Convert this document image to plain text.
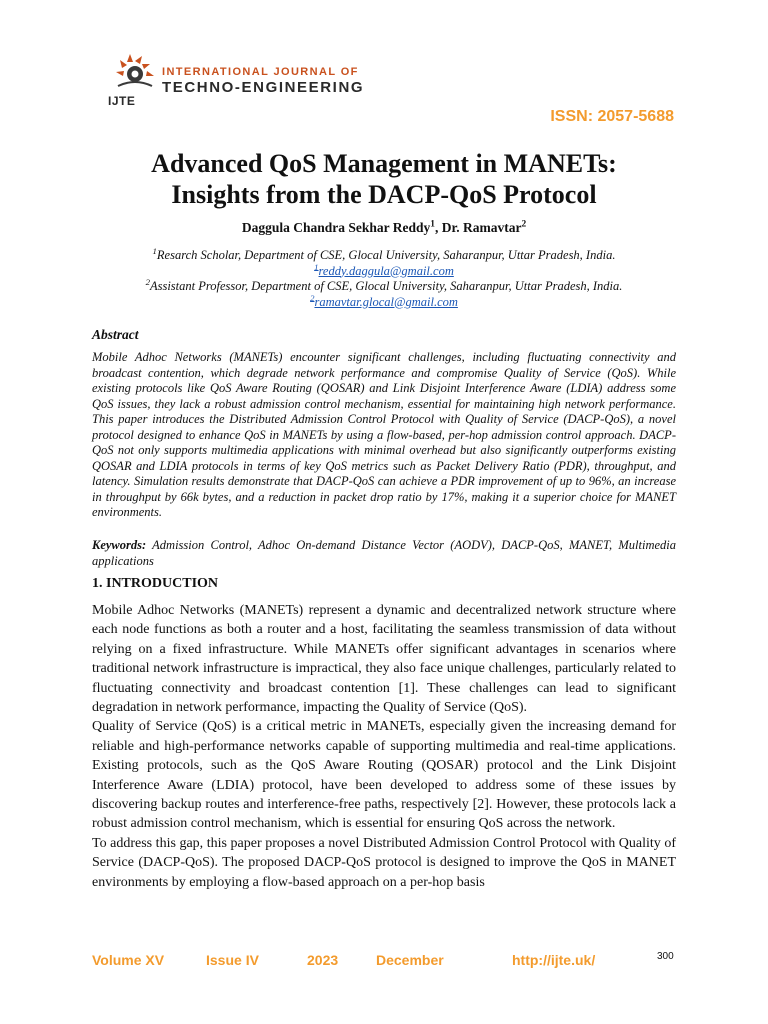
IJTE
INTERNATIONAL JOURNAL OF
TECHNO-ENGINEERING
ISSN: 2057-5688
Advanced QoS Management in MANETs:
Insights from the DACP-QoS Protocol
Daggula Chandra Sekhar Reddy$^1$, Dr. Ramavtar$^2$
$^1$Resarch Scholar, Department of CSE, Glocal University, Saharanpur, Uttar Pradesh, India.
$^1$reddy.daggula@gmail.com
$^2$Assistant Professor, Department of CSE, Glocal University, Saharanpur, Uttar Pradesh, India.
$^2$ramavtar.glocal@gmail.com
Abstract
Mobile Adhoc Networks (MANETs) encounter significant challenges, including fluctuating connectivity and broadcast contention, which degrade network performance and compromise Quality of Service (QoS). While existing protocols like QoS Aware Routing (QOSAR) and Link Disjoint Interference Aware (LDIA) address some QoS issues, they lack a robust admission control mechanism, essential for maintaining high network performance. This paper introduces the Distributed Admission Control Protocol with Quality of Service (DACP-QoS), a novel protocol designed to enhance QoS in MANETs by using a flow-based, per-hop admission control approach. DACP-QoS not only supports multimedia applications with minimal overhead but also significantly outperforms existing QOSAR and LDIA protocols in terms of key QoS metrics such as Packet Delivery Ratio (PDR), throughput, and latency. Simulation results demonstrate that DACP-QoS can achieve a PDR improvement of up to 96%, an increase in throughput by 66k bytes, and a reduction in packet drop ratio by 17%, making it a superior choice for MANET environments.
Keywords: Admission Control, Adhoc On-demand Distance Vector (AODV), DACP-QoS, MANET, Multimedia applications
1. INTRODUCTION

Mobile Adhoc Networks (MANETs) represent a dynamic and decentralized network structure where each node functions as both a router and a host, facilitating the seamless transmission of data without relying on a fixed infrastructure. While MANETs offer significant advantages in scenarios where traditional network infrastructure is impractical, they also face unique challenges, particularly related to fluctuating connectivity and broadcast contention [1]. These challenges can lead to significant degradation in network performance, impacting the Quality of Service (QoS).

Quality of Service (QoS) is a critical metric in MANETs, especially given the increasing demand for reliable and high-performance networks capable of supporting multimedia and real-time applications. Existing protocols, such as the QoS Aware Routing (QOSAR) protocol and the Link Disjoint Interference Aware (LDIA) protocol, have been developed to address some of these issues by discovering backup routes and interference-free paths, respectively [2]. However, these protocols lack a robust admission control mechanism, which is essential for ensuring QoS across the network.

To address this gap, this paper proposes a novel Distributed Admission Control Protocol with Quality of Service (DACP-QoS). The proposed DACP-QoS protocol is designed to improve the QoS in MANET environments by employing a flow-based approach on a per-hop basis

Volume XV	Issue IV	2023	December	http://ijte.uk/	300
